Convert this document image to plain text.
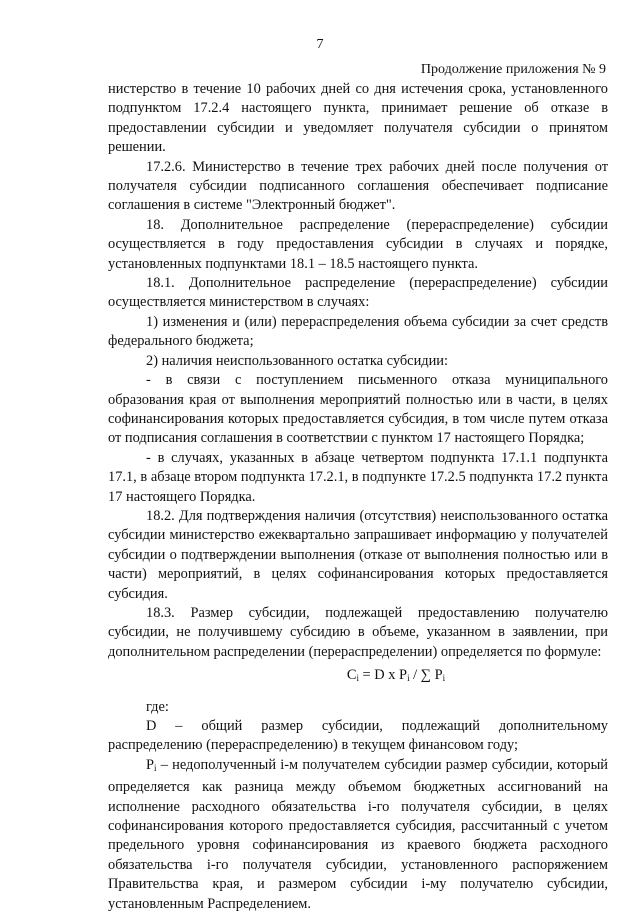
7
Продолжение приложения № 9

нистерство в течение 10 рабочих дней со дня истечения срока, установленного подпунктом 17.2.4 настоящего пункта, принимает решение об отказе в предоставлении субсидии и уведомляет получателя субсидии о принятом решении.

17.2.6. Министерство в течение трех рабочих дней после получения от получателя субсидии подписанного соглашения обеспечивает подписание соглашения в системе "Электронный бюджет".

18. Дополнительное распределение (перераспределение) субсидии осуществляется в году предоставления субсидии в случаях и порядке, установленных подпунктами 18.1 – 18.5 настоящего пункта.

18.1. Дополнительное распределение (перераспределение) субсидии осуществляется министерством в случаях:

1) изменения и (или) перераспределения объема субсидии за счет средств федерального бюджета;

2) наличия неиспользованного остатка субсидии:

- в связи с поступлением письменного отказа муниципального образования края от выполнения мероприятий полностью или в части, в целях софинансирования которых предоставляется субсидия, в том числе путем отказа от подписания соглашения в соответствии с пунктом 17 настоящего Порядка;

- в случаях, указанных в абзаце четвертом подпункта 17.1.1 подпункта 17.1, в абзаце втором подпункта 17.2.1, в подпункте 17.2.5 подпункта 17.2 пункта 17 настоящего Порядка.

18.2. Для подтверждения наличия (отсутствия) неиспользованного остатка субсидии министерство ежеквартально запрашивает информацию у получателей субсидии о подтверждении выполнения (отказе от выполнения полностью или в части) мероприятий, в целях софинансирования которых предоставляется субсидия.

18.3. Размер субсидии, подлежащей предоставлению получателю субсидии, не получившему субсидию в объеме, указанном в заявлении, при дополнительном распределении (перераспределении) определяется по формуле:

$C_i = D$ x $P_i$ / ∑ $P_i$

где:

D – общий размер субсидии, подлежащий дополнительному распределению (перераспределению) в текущем финансовом году;

$P_i$ – недополученный i-м получателем субсидии размер субсидии, который определяется как разница между объемом бюджетных ассигнований на исполнение расходного обязательства i-го получателя субсидии, в целях софинансирования которого предоставляется субсидия, рассчитанный с учетом предельного уровня софинансирования из краевого бюджета расходного обязательства i-го получателя субсидии, установленного распоряжением Правительства края, и размером субсидии i-му получателю субсидии, установленным Распределением.
